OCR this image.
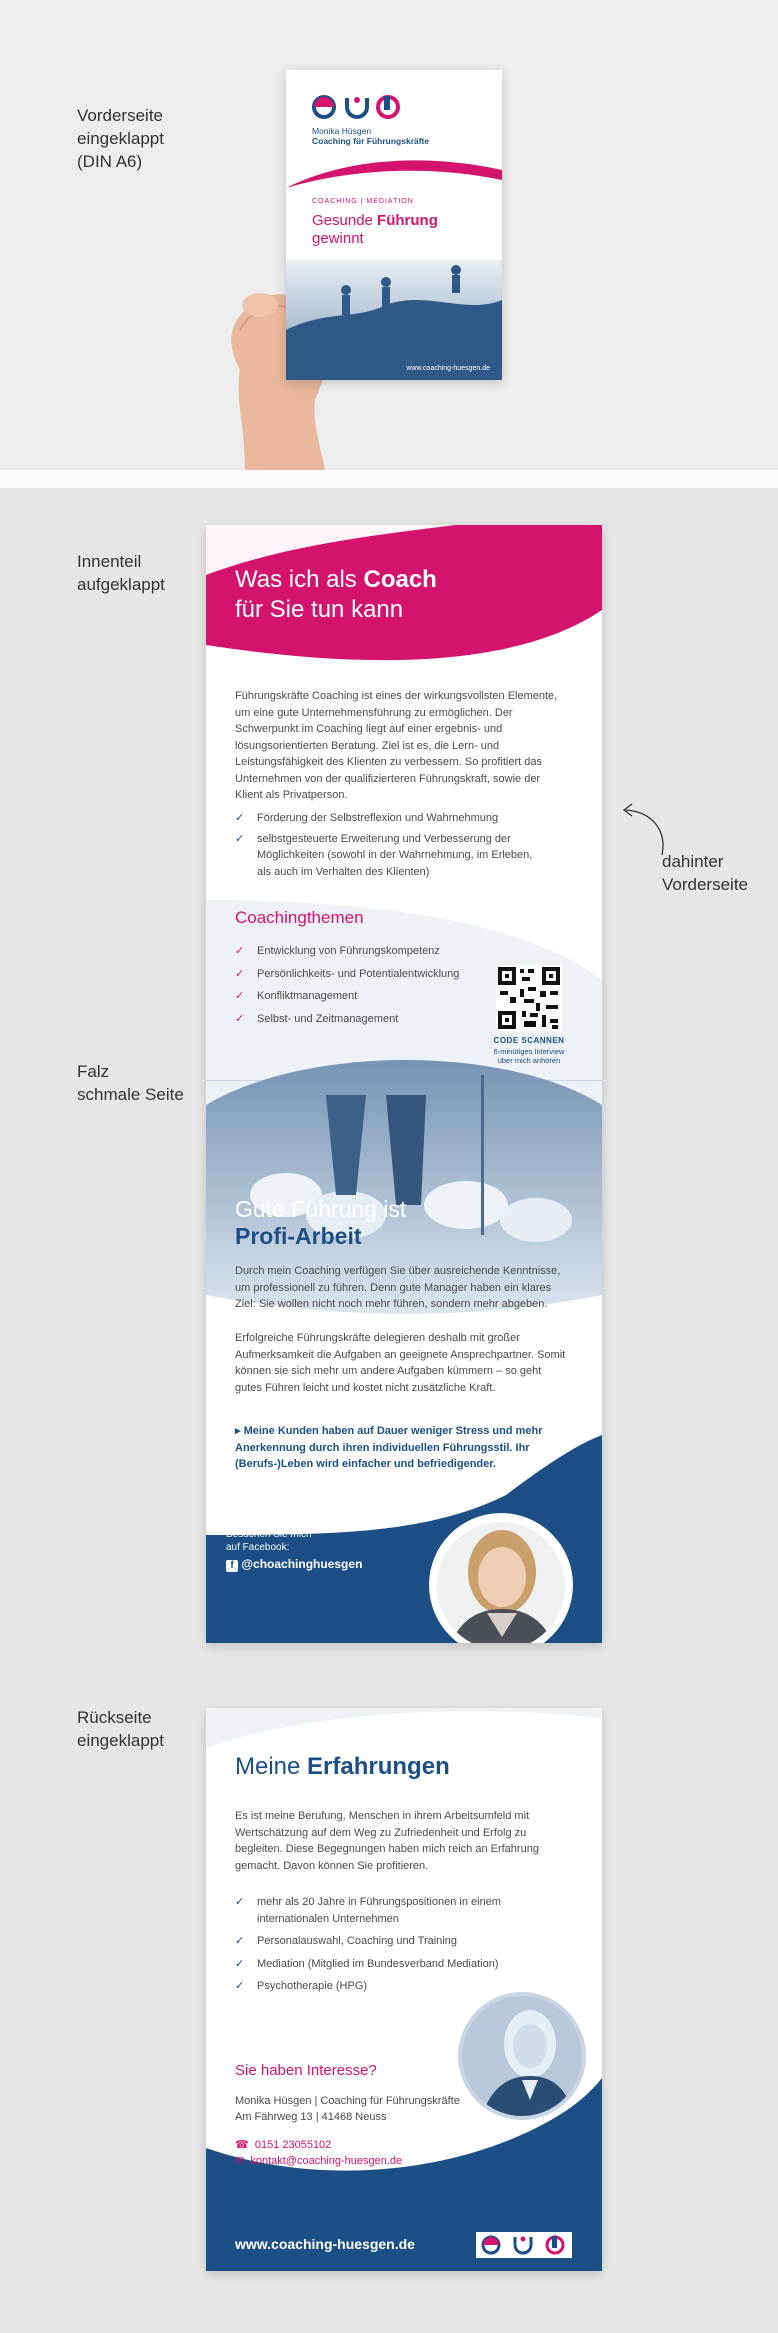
Vorderseite
eingeklappt
(DIN A6)
Monika Hüsgen
Coaching für Führungskräfte
COACHING | MEDIATION
Gesunde Führung
gewinnt
www.coaching-huesgen.de
Innenteil
aufgeklappt
Falz
schmale Seite
dahinter
Vorderseite
Was ich als Coach
für Sie tun kann
Führungskräfte Coaching ist eines der wirkungsvollsten Elemente, um eine gute Unternehmensführung zu ermöglichen. Der Schwerpunkt im Coaching liegt auf einer ergebnis- und lösungsorientierten Beratung. Ziel ist es, die Lern- und Leistungsfähigkeit des Klienten zu verbessern. So profitiert das Unternehmen von der qualifizierteren Führungskraft, sowie der Klient als Privatperson.
✓ Förderung der Selbstreflexion und Wahrnehmung
✓ selbstgesteuerte Erweiterung und Verbesserung der Möglichkeiten (sowohl in der Wahrnehmung, im Erleben, als auch im Verhalten des Klienten)
Coachingthemen
✓ Entwicklung von Führungskompetenz
✓ Persönlichkeits- und Potentialentwicklung
✓ Konfliktmanagement
✓ Selbst- und Zeitmanagement
CODE SCANNEN
6-minütiges Interview
über mich anhören
Gute Führung ist
Profi-Arbeit
Durch mein Coaching verfügen Sie über ausreichende Kenntnisse, um professionell zu führen. Denn gute Manager haben ein klares Ziel: Sie wollen nicht noch mehr führen, sondern mehr abgeben.
Erfolgreiche Führungskräfte delegieren deshalb mit großer Aufmerksamkeit die Aufgaben an geeignete Ansprechpartner. Somit können sie sich mehr um andere Aufgaben kümmern – so geht gutes Führen leicht und kostet nicht zusätzliche Kraft.
▸ Meine Kunden haben auf Dauer weniger Stress und mehr Anerkennung durch ihren individuellen Führungsstil. Ihr (Berufs-)Leben wird einfacher und befriedigender.
Besuchen Sie mich
auf Facebook:
f @choachinghuesgen
Rückseite
eingeklappt
Meine Erfahrungen
Es ist meine Berufung, Menschen in ihrem Arbeitsumfeld mit Wertschätzung auf dem Weg zu Zufriedenheit und Erfolg zu begleiten. Diese Begegnungen haben mich reich an Erfahrung gemacht. Davon können Sie profitieren.
✓ mehr als 20 Jahre in Führungspositionen in einem internationalen Unternehmen
✓ Personalauswahl, Coaching und Training
✓ Mediation (Mitglied im Bundesverband Mediation)
✓ Psychotherapie (HPG)
Sie haben Interesse?
Monika Hüsgen | Coaching für Führungskräfte
Am Fährweg 13 | 41468 Neuss
☎ 0151 23055102
✉ kontakt@coaching-huesgen.de
www.coaching-huesgen.de
